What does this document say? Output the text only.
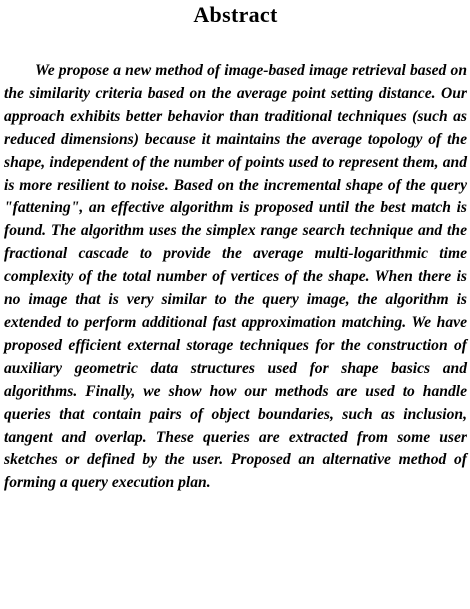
Abstract

We propose a new method of image-based image retrieval based on the similarity criteria based on the average point setting distance. Our approach exhibits better behavior than traditional techniques (such as reduced dimensions) because it maintains the average topology of the shape, independent of the number of points used to represent them, and is more resilient to noise. Based on the incremental shape of the query "fattening", an effective algorithm is proposed until the best match is found. The algorithm uses the simplex range search technique and the fractional cascade to provide the average multi-logarithmic time complexity of the total number of vertices of the shape. When there is no image that is very similar to the query image, the algorithm is extended to perform additional fast approximation matching. We have proposed efficient external storage techniques for the construction of auxiliary geometric data structures used for shape basics and algorithms. Finally, we show how our methods are used to handle queries that contain pairs of object boundaries, such as inclusion, tangent and overlap. These queries are extracted from some user sketches or defined by the user. Proposed an alternative method of forming a query execution plan.
